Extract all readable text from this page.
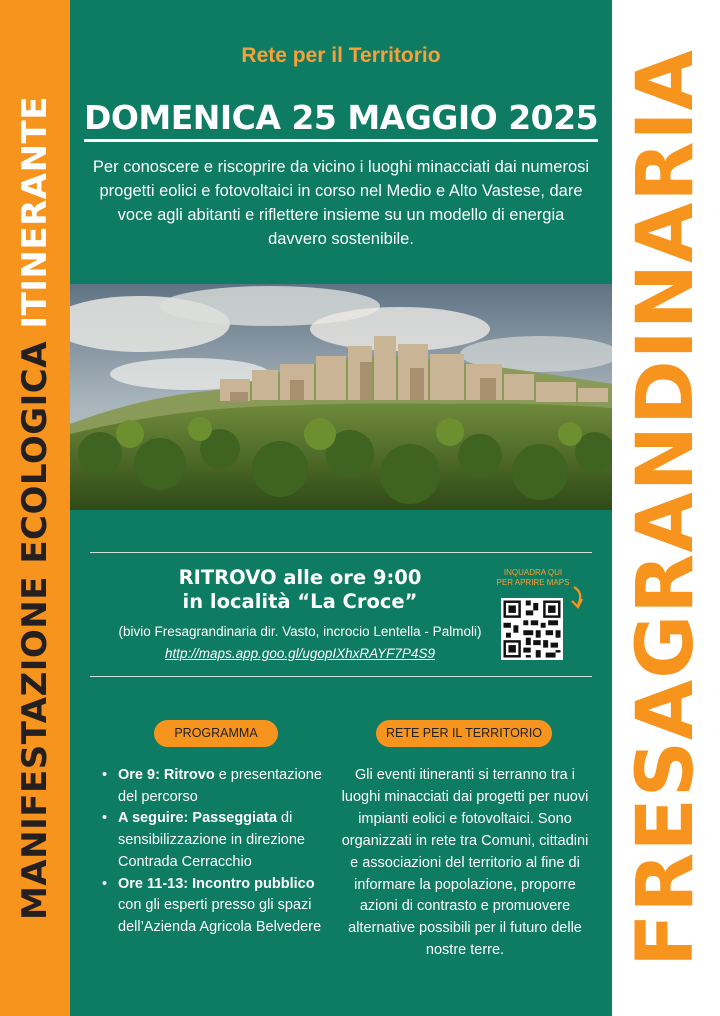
MANIFESTAZIONE ECOLOGICA ITINERANTE	FRESAGRANDINARIA
Rete per il Territorio
DOMENICA 25 MAGGIO 2025
Per conoscere e riscoprire da vicino i luoghi minacciati dai numerosi progetti eolici e fotovoltaici in corso nel Medio e Alto Vastese, dare voce agli abitanti e riflettere insieme su un modello di energia davvero sostenibile.
RITROVO alle ore 9:00
in località “La Croce”
(bivio Fresagrandinaria dir. Vasto, incrocio Lentella - Palmoli)
http://maps.app.goo.gl/ugopIXhxRAYF7P4S9
INQUADRA QUI
PER APRIRE MAPS
PROGRAMMA	RETE PER IL TERRITORIO
• Ore 9: Ritrovo e presentazione del percorso
• A seguire: Passeggiata di sensibilizzazione in direzione Contrada Cerracchio
• Ore 11-13: Incontro pubblico con gli esperti presso gli spazi dell’Azienda Agricola Belvedere
Gli eventi itineranti si terranno tra i luoghi minacciati dai progetti per nuovi impianti eolici e fotovoltaici. Sono organizzati in rete tra Comuni, cittadini e associazioni del territorio al fine di informare la popolazione, proporre azioni di contrasto e promuovere alternative possibili per il futuro delle nostre terre.
